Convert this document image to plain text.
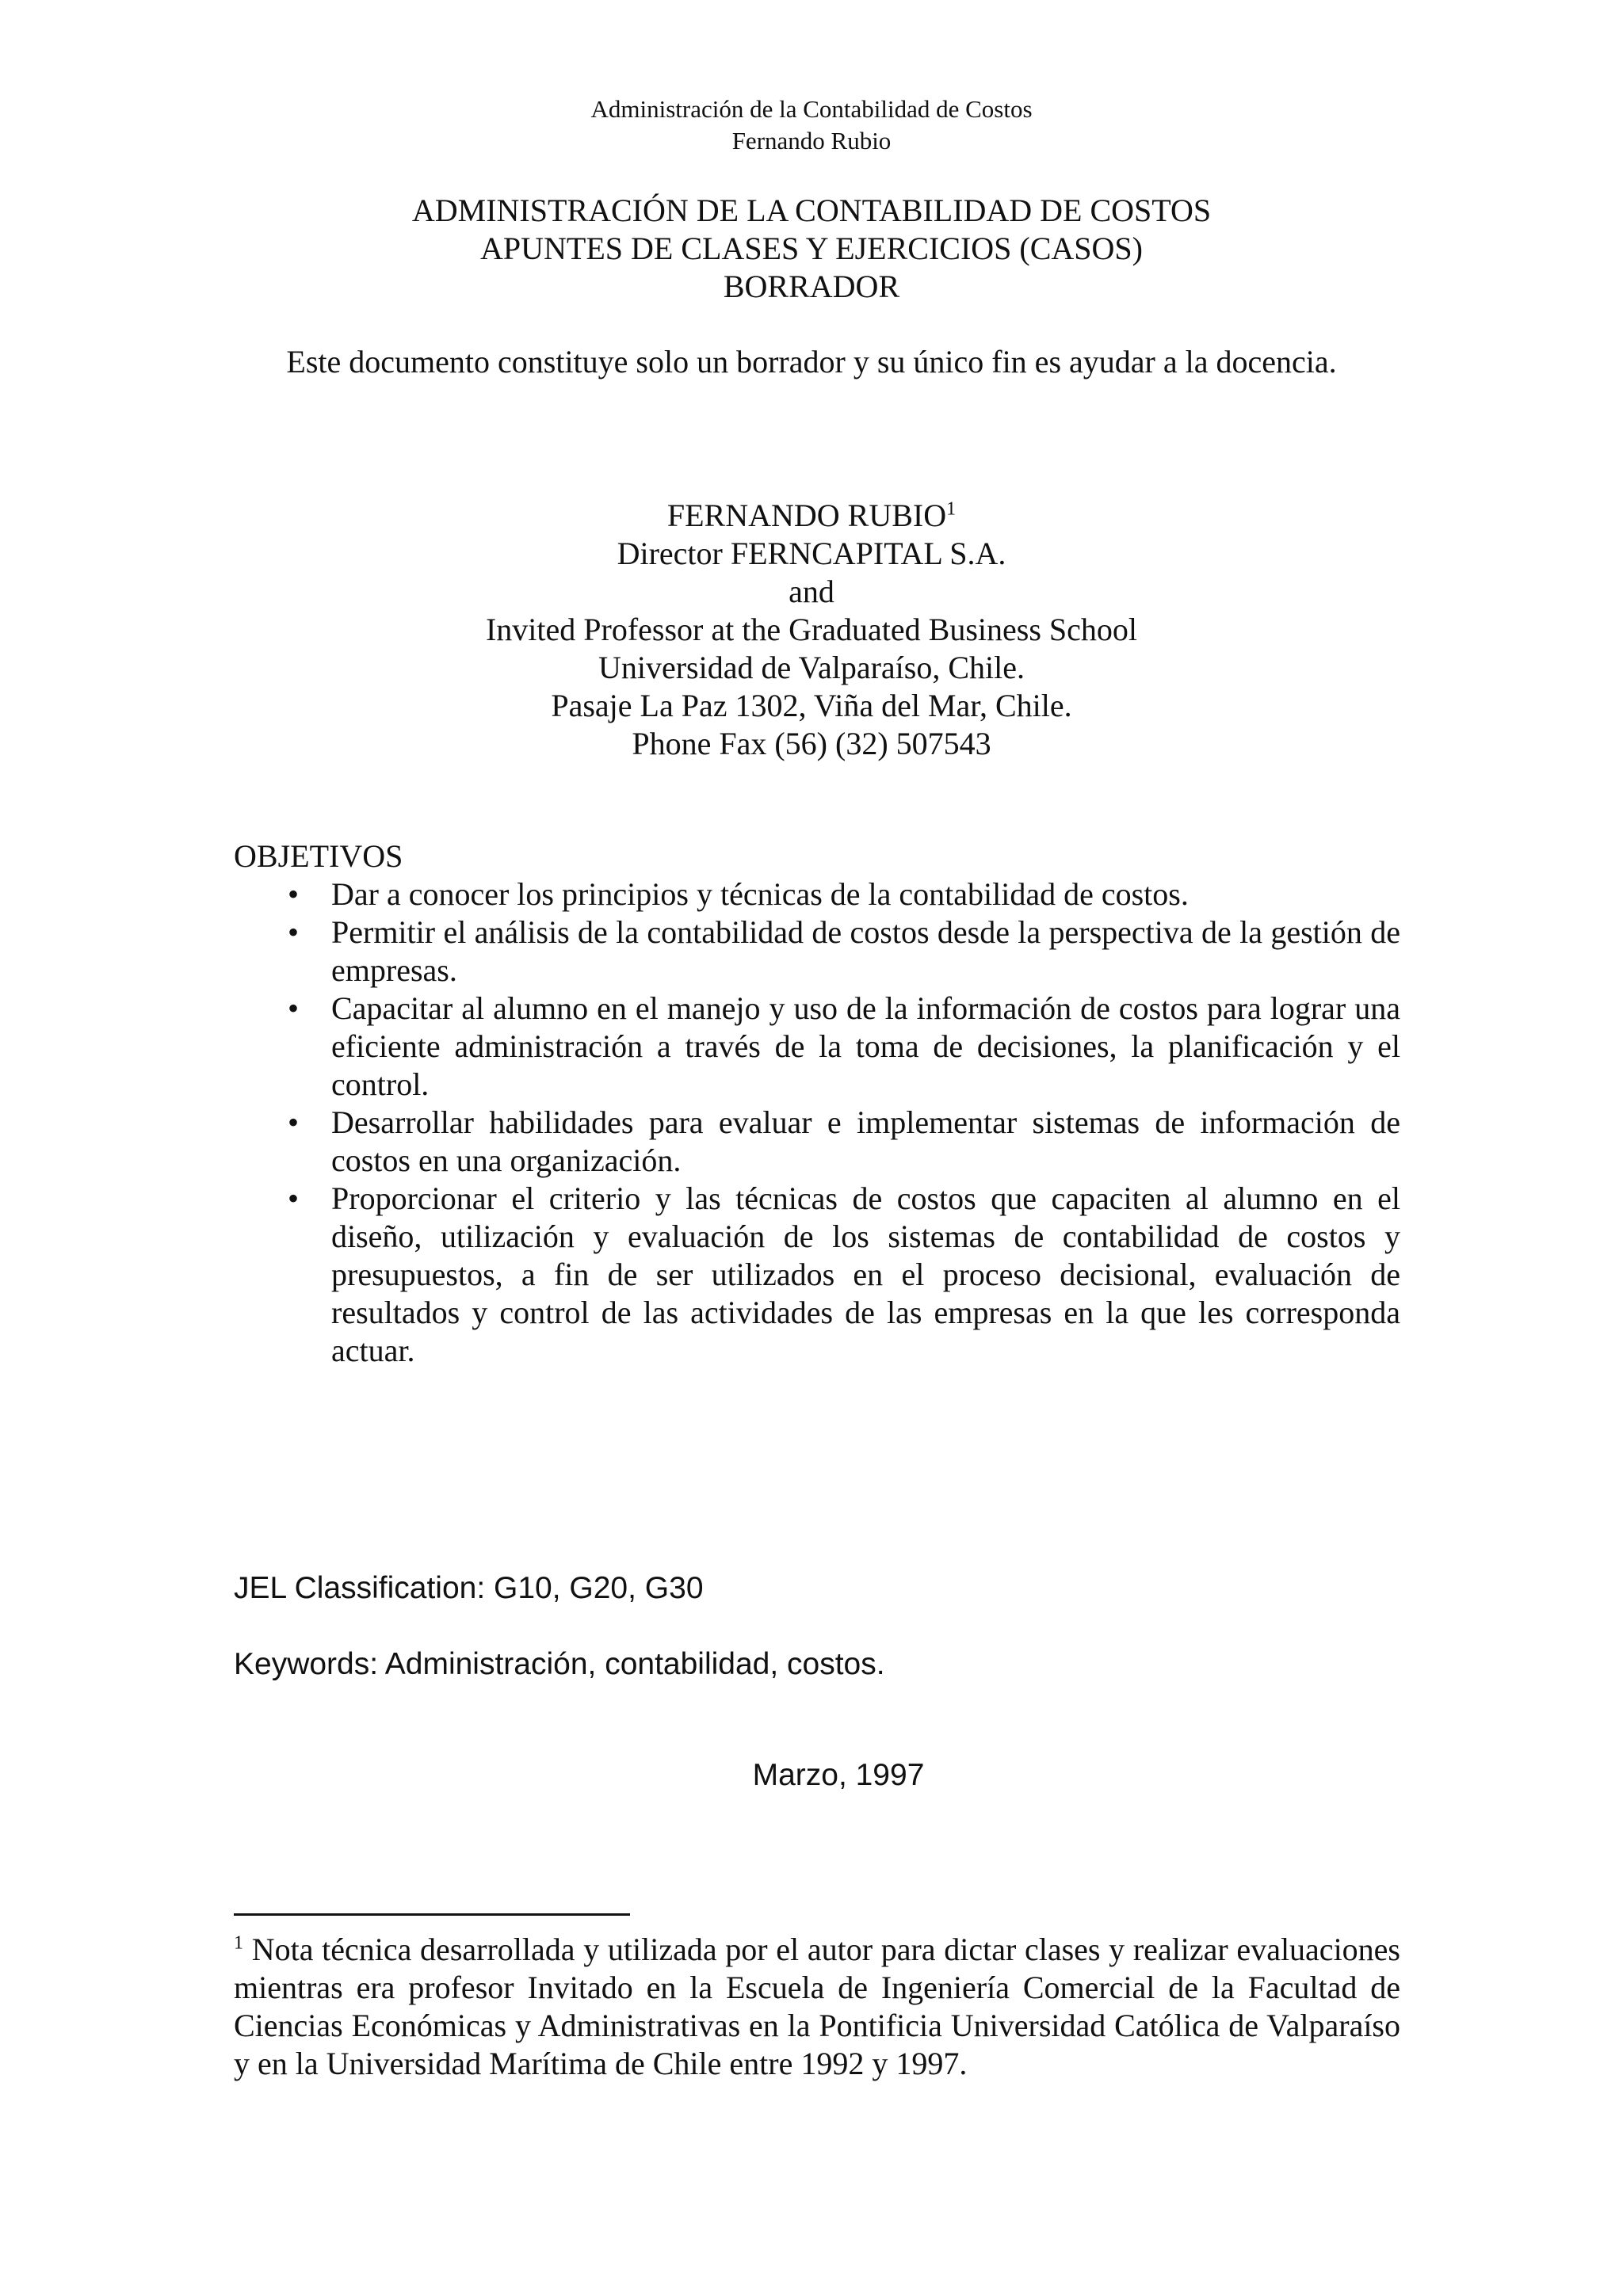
Administración de la Contabilidad de Costos
Fernando Rubio
ADMINISTRACIÓN DE LA CONTABILIDAD DE COSTOS
APUNTES DE CLASES Y EJERCICIOS (CASOS)
BORRADOR
Este documento constituye solo un borrador y su único fin es ayudar a la docencia.
FERNANDO RUBIO$^1$
Director FERNCAPITAL S.A.
and
Invited Professor at the Graduated Business School
Universidad de Valparaíso, Chile.
Pasaje La Paz 1302, Viña del Mar, Chile.
Phone Fax (56) (32) 507543
OBJETIVOS
• Dar a conocer los principios y técnicas de la contabilidad de costos.
• Permitir el análisis de la contabilidad de costos desde la perspectiva de la gestión de empresas.
• Capacitar al alumno en el manejo y uso de la información de costos para lograr una eficiente administración a través de la toma de decisiones, la planificación y el control.
• Desarrollar habilidades para evaluar e implementar sistemas de información de costos en una organización.
• Proporcionar el criterio y las técnicas de costos que capaciten al alumno en el diseño, utilización y evaluación de los sistemas de contabilidad de costos y presupuestos, a fin de ser utilizados en el proceso decisional, evaluación de resultados y control de las actividades de las empresas en la que les corresponda actuar.
JEL Classification: G10, G20, G30
Keywords: Administración, contabilidad, costos.
Marzo, 1997
$^1$ Nota técnica desarrollada y utilizada por el autor para dictar clases y realizar evaluaciones mientras era profesor Invitado en la Escuela de Ingeniería Comercial de la Facultad de Ciencias Económicas y Administrativas en la Pontificia Universidad Católica de Valparaíso y en la Universidad Marítima de Chile entre 1992 y 1997.
